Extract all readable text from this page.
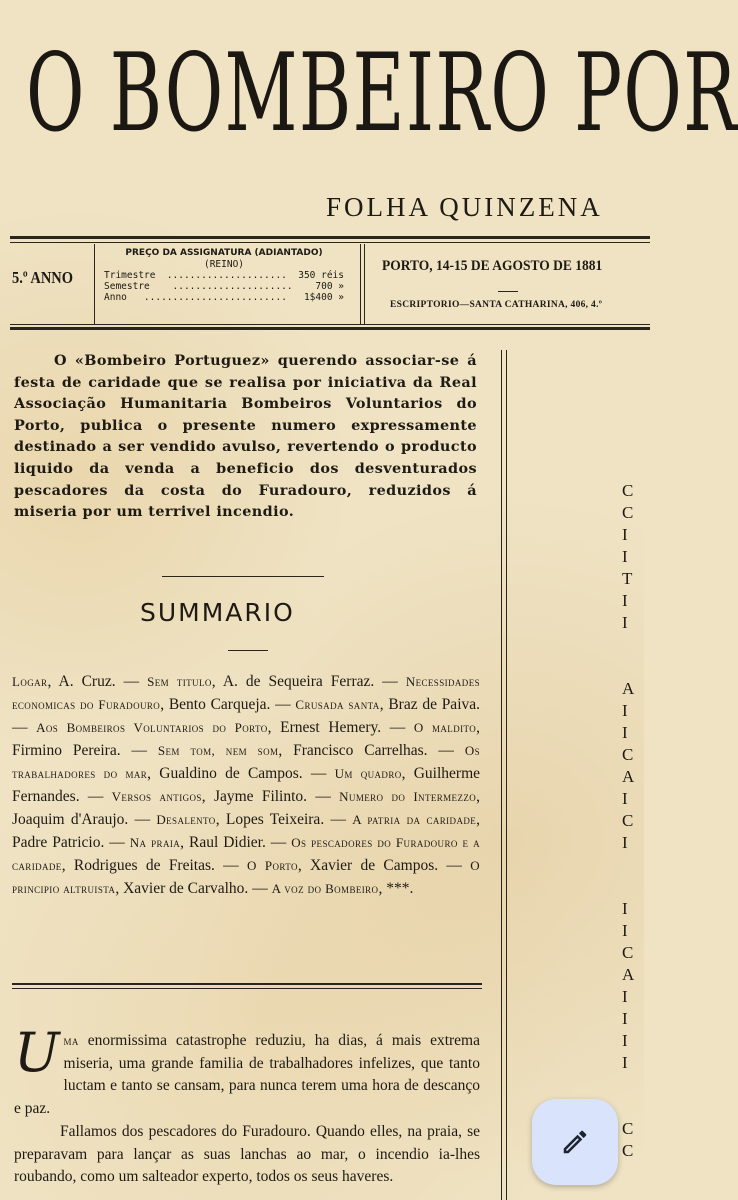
O BOMBEIRO POR
FOLHA QUINZENA
5.º ANNO
PREÇO DA ASSIGNATURA (ADIANTADO)
(REINO)
Trimestre ..................... 350 réis
Semestre ..................... 700 »
Anno ......................... 1$400 »
PORTO, 14-15 DE AGOSTO DE 1881
ESCRIPTORIO—SANTA CATHARINA, 406, 4.º
O «Bombeiro Portuguez» querendo associar-se á festa de caridade que se realisa por iniciativa da Real Associação Humanitaria Bombeiros Voluntarios do Porto, publica o presente numero expressamente destinado a ser vendido avulso, revertendo o producto liquido da venda a beneficio dos desventurados pescadores da costa do Furadouro, reduzidos á miseria por um terrivel incendio.
SUMMARIO
Logar, A. Cruz. — Sem titulo, A. de Sequeira Ferraz. — Necessidades economicas do Furadouro, Bento Carqueja. — Crusada santa, Braz de Paiva. — Aos Bombeiros Voluntarios do Porto, Ernest Hemery. — O maldito, Firmino Pereira. — Sem tom, nem som, Francisco Carrelhas. — Os trabalhadores do mar, Gualdino de Campos. — Um quadro, Guilherme Fernandes. — Versos antigos, Jayme Filinto. — Numero do Intermezzo, Joaquim d'Araujo. — Desalento, Lopes Teixeira. — A patria da caridade, Padre Patricio. — Na praia, Raul Didier. — Os pescadores do Furadouro e a caridade, Rodrigues de Freitas. — O Porto, Xavier de Campos. — O principio altruista, Xavier de Carvalho. — A voz do Bombeiro, ***.
U ma enormissima catastrophe reduziu, ha dias, á mais extrema miseria, uma grande familia de trabalhadores infelizes, que tanto luctam e tanto se cansam, para nunca terem uma hora de descanço e paz.
Fallamos dos pescadores do Furadouro. Quando elles, na praia, se preparavam para lançar as suas lanchas ao mar, o incendio ia-lhes roubando, como um salteador experto, todos os seus haveres.
C
C
I
I
T
I
I

A
I
I
C
A
I
C
I

I
I
C
A
I
I
I
I

C
C
